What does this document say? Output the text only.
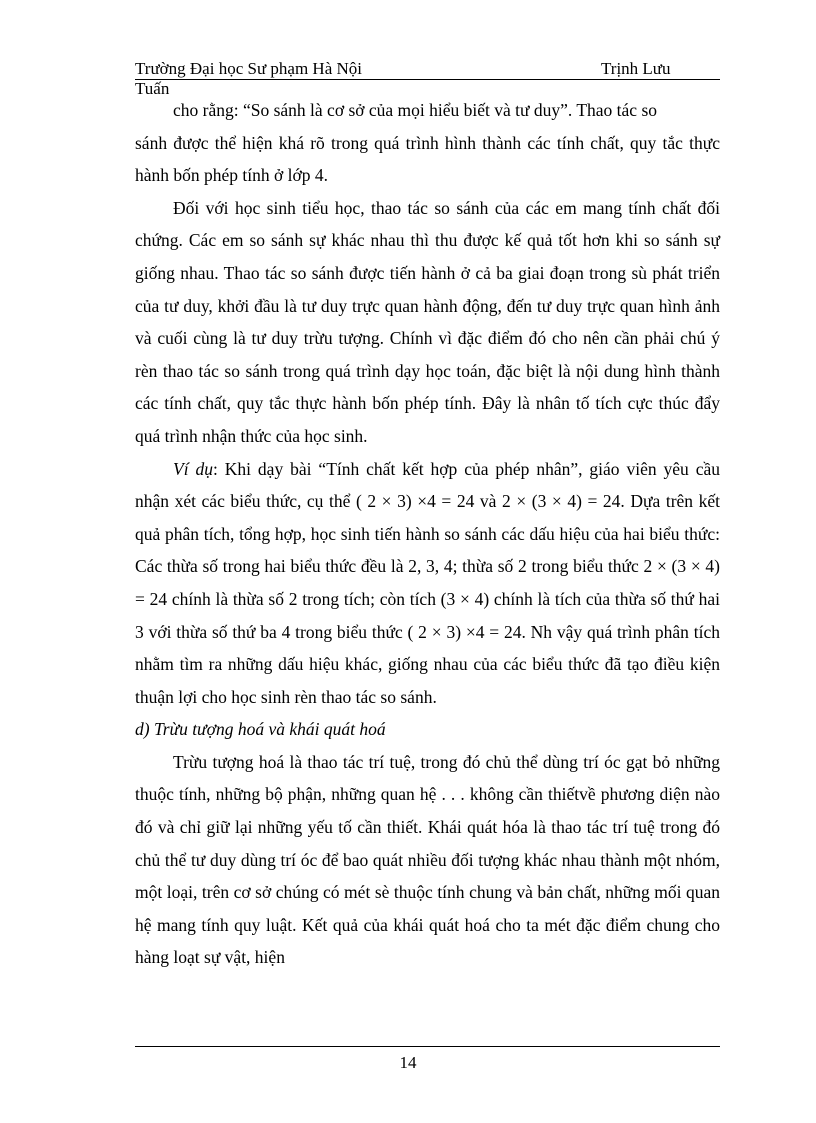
Trường Đại học Sư phạm Hà Nội	Trịnh Lưu
Tuấn

cho rằng: “So sánh là cơ sở của mọi hiểu biết và tư duy”. Thao tác so

sánh được thể hiện khá rõ trong quá trình hình thành các tính chất, quy tắc thực hành bốn phép tính ở lớp 4.

Đối với học sinh tiểu học, thao tác so sánh của các em mang tính chất đối chứng. Các em so sánh sự khác nhau thì thu được kế quả tốt hơn khi so sánh sự giống nhau. Thao tác so sánh được tiến hành ở cả ba giai đoạn trong sù phát triển của tư duy, khởi đầu là tư duy trực quan hành động, đến tư duy trực quan hình ảnh và cuối cùng là tư duy trừu tượng. Chính vì đặc điểm đó cho nên cần phải chú ý rèn thao tác so sánh trong quá trình dạy học toán, đặc biệt là nội dung hình thành các tính chất, quy tắc thực hành bốn phép tính. Đây là nhân tố tích cực thúc đẩy quá trình nhận thức của học sinh.

Ví dụ: Khi dạy bài “Tính chất kết hợp của phép nhân”, giáo viên yêu cầu nhận xét các biểu thức, cụ thể ( 2 × 3) ×4 = 24 và 2 × (3 × 4) = 24. Dựa trên kết quả phân tích, tổng hợp, học sinh tiến hành so sánh các dấu hiệu của hai biểu thức: Các thừa số trong hai biểu thức đều là 2, 3, 4; thừa số 2 trong biểu thức 2 × (3 × 4) = 24 chính là thừa số 2 trong tích; còn tích (3 × 4) chính là tích của thừa số thứ hai 3 với thừa số thứ ba 4 trong biểu thức ( 2 × 3) ×4 = 24. Nh vậy quá trình phân tích nhằm tìm ra những dấu hiệu khác, giống nhau của các biểu thức đã tạo điều kiện thuận lợi cho học sinh rèn thao tác so sánh.

d) Trừu tượng hoá và khái quát hoá

Trừu tượng hoá là thao tác trí tuệ, trong đó chủ thể dùng trí óc gạt bỏ những thuộc tính, những bộ phận, những quan hệ . . . không cần thiếtvề phương diện nào đó và chỉ giữ lại những yếu tố cần thiết. Khái quát hóa là thao tác trí tuệ trong đó chủ thể tư duy dùng trí óc để bao quát nhiều đối tượng khác nhau thành một nhóm, một loại, trên cơ sở chúng có mét sè thuộc tính chung và bản chất, những mối quan hệ mang tính quy luật. Kết quả của khái quát hoá cho ta mét đặc điểm chung cho hàng loạt sự vật, hiện

14
